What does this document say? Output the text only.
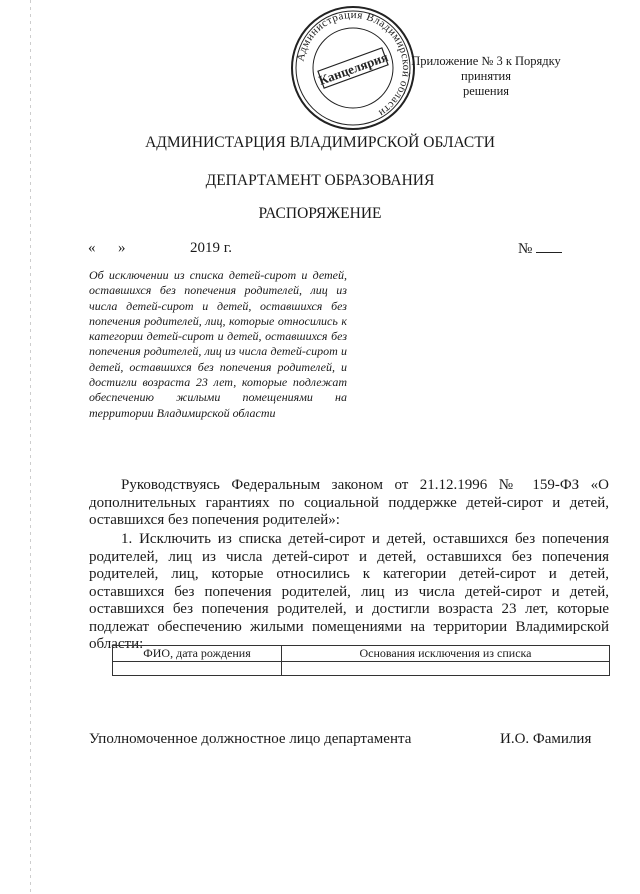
Администрация Владимирской области
Канцелярия	Приложение № 3 к Порядку принятия
решения
АДМИНИСТАРЦИЯ ВЛАДИМИРСКОЙ ОБЛАСТИ
ДЕПАРТАМЕНТ ОБРАЗОВАНИЯ
РАСПОРЯЖЕНИЕ
«      »	2019 г.	№
Об исключении из списка детей-сирот и детей, оставшихся без попечения родителей, лиц из числа детей-сирот и детей, оставшихся без попечения родителей, лиц, которые относились к категории детей-сирот и детей, оставшихся без попечения родителей, лиц из числа детей-сирот и детей, оставшихся без попечения родителей, и достигли возраста 23 лет, которые подлежат обеспечению жилыми помещениями на территории Владимирской области
Руководствуясь Федеральным законом от 21.12.1996 № 159-ФЗ «О дополнительных гарантиях по социальной поддержке детей-сирот и детей, оставшихся без попечения родителей»:
1. Исключить из списка детей-сирот и детей, оставшихся без попечения родителей, лиц из числа детей-сирот и детей, оставшихся без попечения родителей, лиц, которые относились к категории детей-сирот и детей, оставшихся без попечения родителей, лиц из числа детей-сирот и детей, оставшихся без попечения родителей, и достигли возраста 23 лет, которые подлежат обеспечению жилыми помещениями на территории Владимирской области:
ФИО, дата рождения	Основания исключения из списка

Уполномоченное должностное лицо департамента	И.О. Фамилия
